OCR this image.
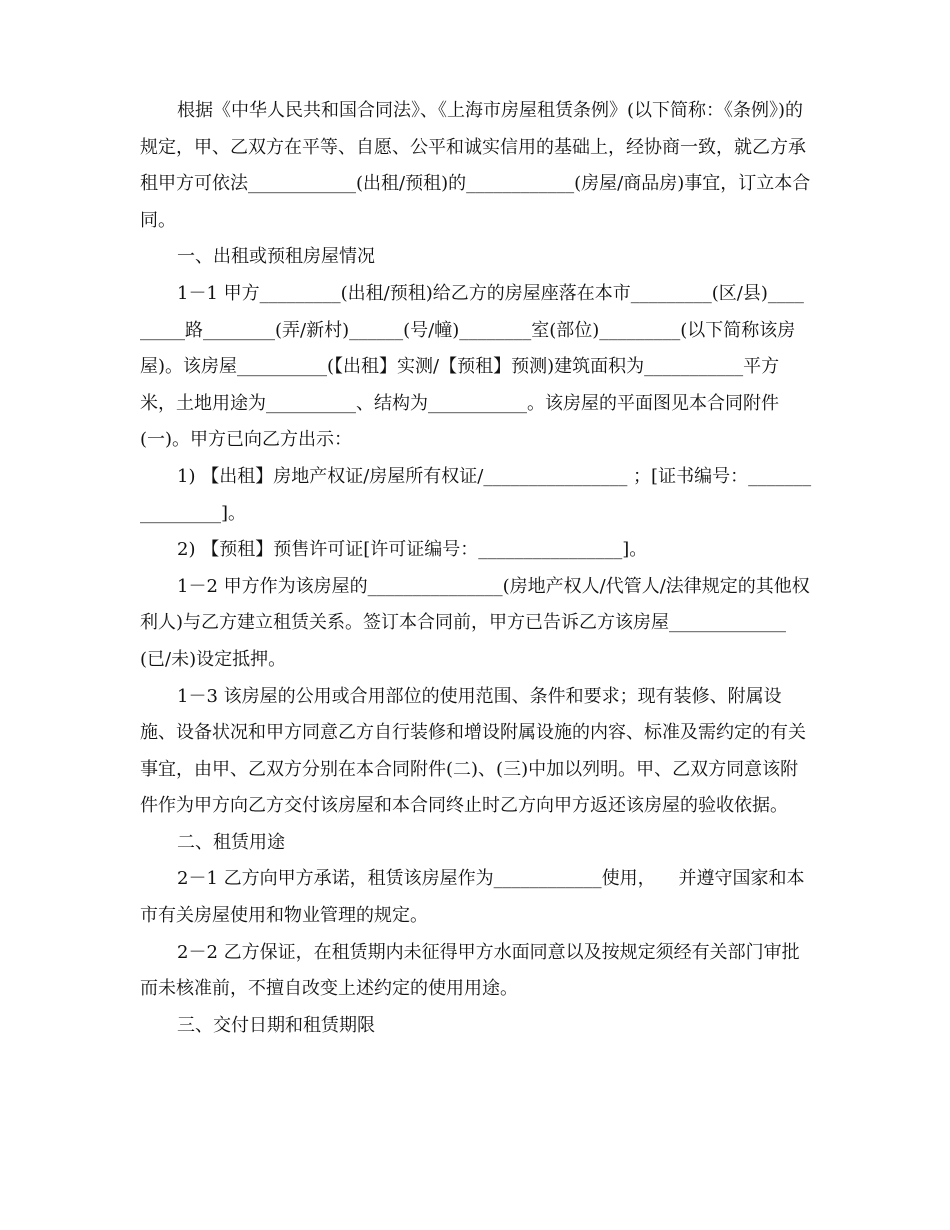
根据《中华人民共和国合同法》、《上海市房屋租赁条例》(以下简称：《条例》)的规定，甲、乙双方在平等、自愿、公平和诚实信用的基础上，经协商一致，就乙方承租甲方可依法____________(出租/预租)的____________(房屋/商品房)事宜，订立本合同。

一、出租或预租房屋情况

1－1 甲方_________(出租/预租)给乙方的房屋座落在本市_________(区/县)_________路________(弄/新村)______(号/幢)________室(部位)_________(以下简称该房屋)。该房屋__________(【出租】实测/【预租】预测)建筑面积为___________平方米，土地用途为__________、结构为___________。该房屋的平面图见本合同附件(一)。甲方已向乙方出示：

1) 【出租】房地产权证/房屋所有权证/________________ ；[证书编号：________________]。

2) 【预租】预售许可证[许可证编号：________________]。

1－2 甲方作为该房屋的_______________(房地产权人/代管人/法律规定的其他权利人)与乙方建立租赁关系。签订本合同前，甲方已告诉乙方该房屋_____________(已/未)设定抵押。

1－3 该房屋的公用或合用部位的使用范围、条件和要求；现有装修、附属设施、设备状况和甲方同意乙方自行装修和增设附属设施的内容、标准及需约定的有关事宜，由甲、乙双方分别在本合同附件(二)、(三)中加以列明。甲、乙双方同意该附件作为甲方向乙方交付该房屋和本合同终止时乙方向甲方返还该房屋的验收依据。

二、租赁用途

2－1 乙方向甲方承诺，租赁该房屋作为____________使用，    并遵守国家和本市有关房屋使用和物业管理的规定。

2－2 乙方保证，在租赁期内未征得甲方水面同意以及按规定须经有关部门审批而未核准前，不擅自改变上述约定的使用用途。

三、交付日期和租赁期限
